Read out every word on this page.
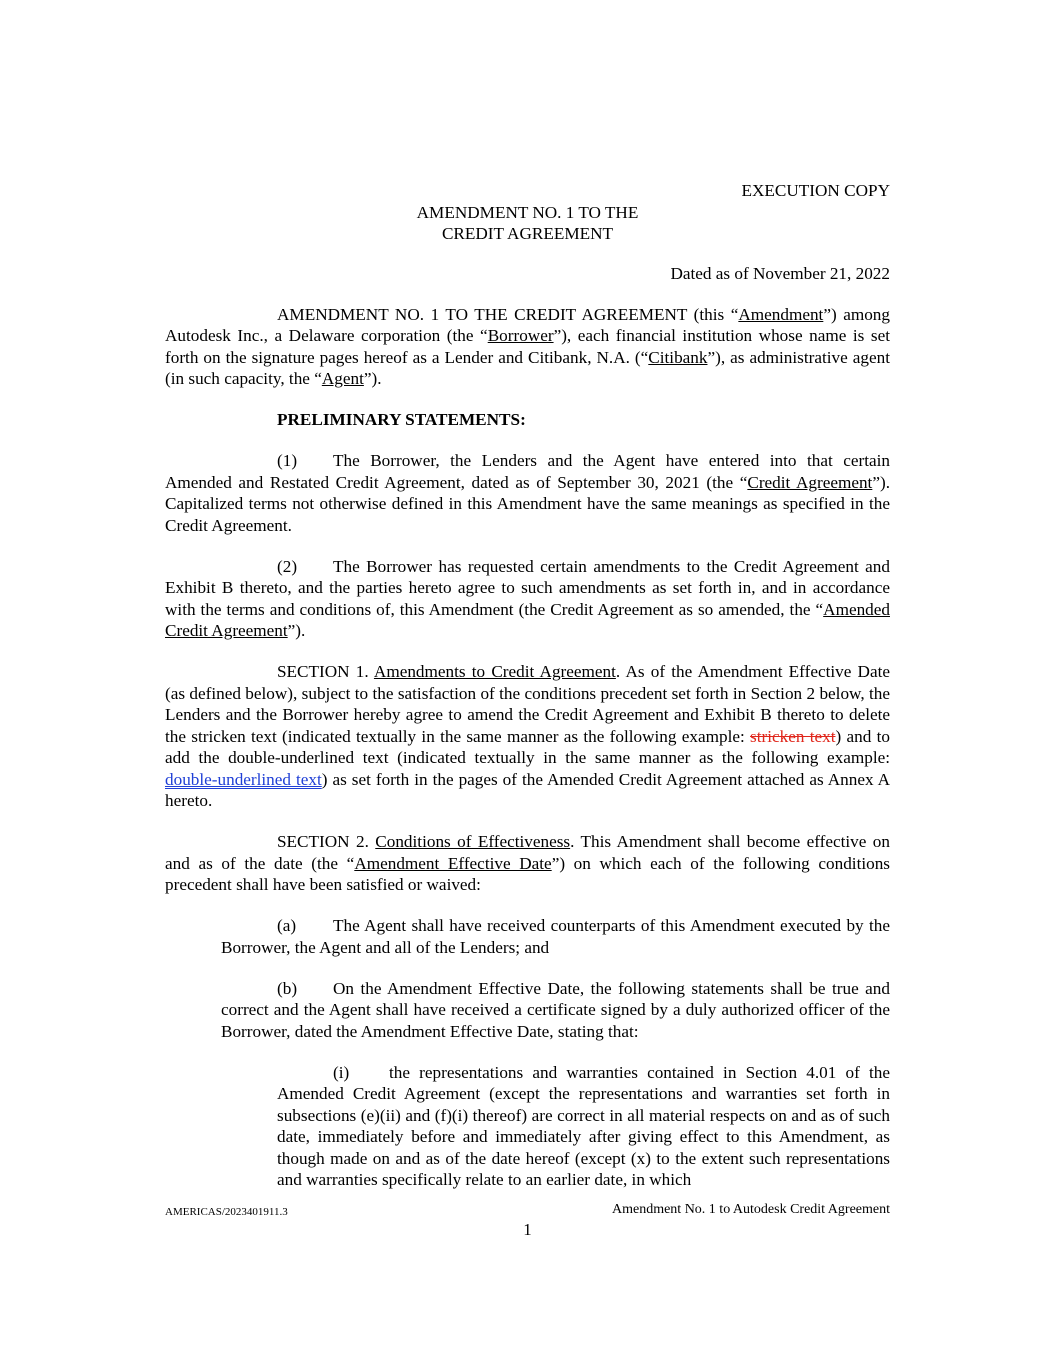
EXECUTION COPY

AMENDMENT NO. 1 TO THE

CREDIT AGREEMENT

Dated as of November 21, 2022

AMENDMENT NO. 1 TO THE CREDIT AGREEMENT (this “Amendment”) among Autodesk Inc., a Delaware corporation (the “Borrower”), each financial institution whose name is set forth on the signature pages hereof as a Lender and Citibank, N.A. (“Citibank”), as administrative agent (in such capacity, the “Agent”).

PRELIMINARY STATEMENTS:

(1) The Borrower, the Lenders and the Agent have entered into that certain Amended and Restated Credit Agreement, dated as of September 30, 2021 (the “Credit Agreement”). Capitalized terms not otherwise defined in this Amendment have the same meanings as specified in the Credit Agreement.

(2) The Borrower has requested certain amendments to the Credit Agreement and Exhibit B thereto, and the parties hereto agree to such amendments as set forth in, and in accordance with the terms and conditions of, this Amendment (the Credit Agreement as so amended, the “Amended Credit Agreement”).

SECTION 1. Amendments to Credit Agreement. As of the Amendment Effective Date (as defined below), subject to the satisfaction of the conditions precedent set forth in Section 2 below, the Lenders and the Borrower hereby agree to amend the Credit Agreement and Exhibit B thereto to delete the stricken text (indicated textually in the same manner as the following example: stricken text) and to add the double-underlined text (indicated textually in the same manner as the following example: double-underlined text) as set forth in the pages of the Amended Credit Agreement attached as Annex A hereto.

SECTION 2. Conditions of Effectiveness. This Amendment shall become effective on and as of the date (the “Amendment Effective Date”) on which each of the following conditions precedent shall have been satisfied or waived:

(a) The Agent shall have received counterparts of this Amendment executed by the Borrower, the Agent and all of the Lenders; and

(b) On the Amendment Effective Date, the following statements shall be true and correct and the Agent shall have received a certificate signed by a duly authorized officer of the Borrower, dated the Amendment Effective Date, stating that:

(i) the representations and warranties contained in Section 4.01 of the Amended Credit Agreement (except the representations and warranties set forth in subsections (e)(ii) and (f)(i) thereof) are correct in all material respects on and as of such date, immediately before and immediately after giving effect to this Amendment, as though made on and as of the date hereof (except (x) to the extent such representations and warranties specifically relate to an earlier date, in which

AMERICAS/2023401911.3	Amendment No. 1 to Autodesk Credit Agreement
1
